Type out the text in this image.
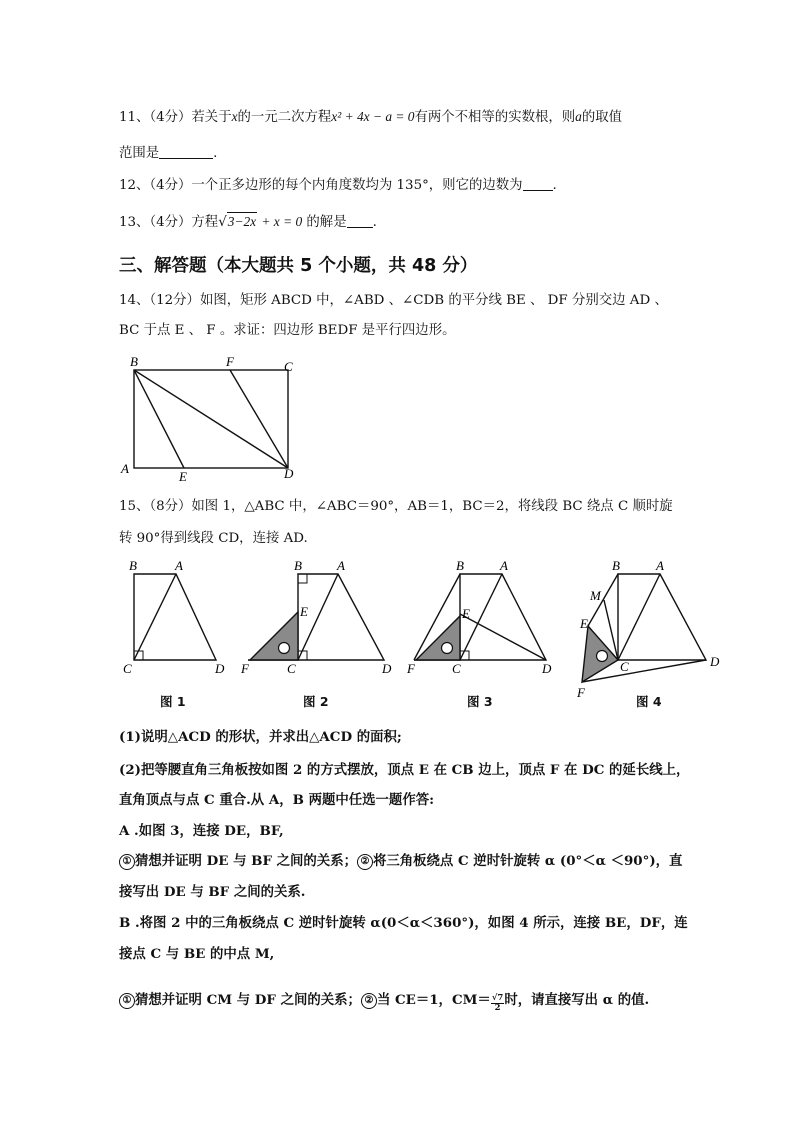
11、（4分）若关于x的一元二次方程x² + 4x − a = 0有两个不相等的实数根，则a的取值
范围是	.
12、（4分）一个正多边形的每个内角度数均为 135°，则它的边数为 .
13、（4分）方程√3−2x + x = 0 的解是 .
三、解答题（本大题共 5 个小题，共 48 分）
14、（12分）如图，矩形 ABCD 中，∠ABD 、∠CDB 的平分线 BE 、 DF 分别交边 AD 、
BC 于点 E 、 F 。求证：四边形 BEDF 是平行四边形。
B	F	C
A
E	D
15、（8分）如图 1，△ABC 中，∠ABC＝90°，AB＝1，BC＝2，将线段 BC 绕点 C 顺时旋
转 90°得到线段 CD，连接 AD.
B	A
C	D
图 1
B	A
E
F	C	D
图 2
B	A
E
F	C	D
图 3
B	A
M
E
C	D
F
图 4
(1)说明△ACD 的形状，并求出△ACD 的面积;
(2)把等腰直角三角板按如图 2 的方式摆放，顶点 E 在 CB 边上，顶点 F 在 DC 的延长线上，
直角顶点与点 C 重合.从 A，B 两题中任选一题作答:
A .如图 3，连接 DE，BF,
① 猜想并证明 DE 与 BF 之间的关系； ② 将三角板绕点 C 逆时针旋转 α (0°＜α ＜90°)，直
接写出 DE 与 BF 之间的关系.
B .将图 2 中的三角板绕点 C 逆时针旋转 α(0＜α＜360°)，如图 4 所示，连接 BE，DF，连
接点 C 与 BE 的中点 M,
① 猜想并证明 CM 与 DF 之间的关系； ② 当 CE＝1，$CM= \frac{√7}{2}$时，请直接写出 α 的值.
